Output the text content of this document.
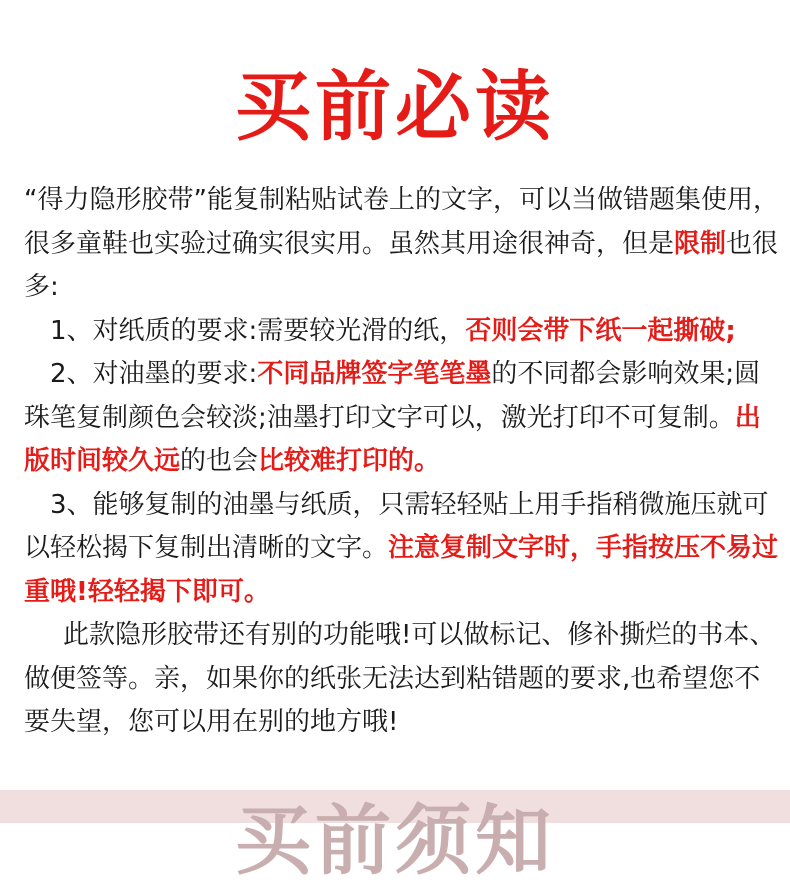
买前必读

“得力隐形胶带”能复制粘贴试卷上的文字，可以当做错题集使用，很多童鞋也实验过确实很实用。虽然其用途很神奇，但是限制也很多:

1、对纸质的要求:需要较光滑的纸，否则会带下纸一起撕破;

2、对油墨的要求:不同品牌签字笔笔墨的不同都会影响效果;圆珠笔复制颜色会较淡;油墨打印文字可以，激光打印不可复制。出版时间较久远的也会比较难打印的。

3、能够复制的油墨与纸质，只需轻轻贴上用手指稍微施压就可以轻松揭下复制出清晰的文字。注意复制文字时，手指按压不易过重哦!轻轻揭下即可。

此款隐形胶带还有别的功能哦!可以做标记、修补撕烂的书本、做便签等。亲，如果你的纸张无法达到粘错题的要求,也希望您不要失望，您可以用在别的地方哦!

买前须知
